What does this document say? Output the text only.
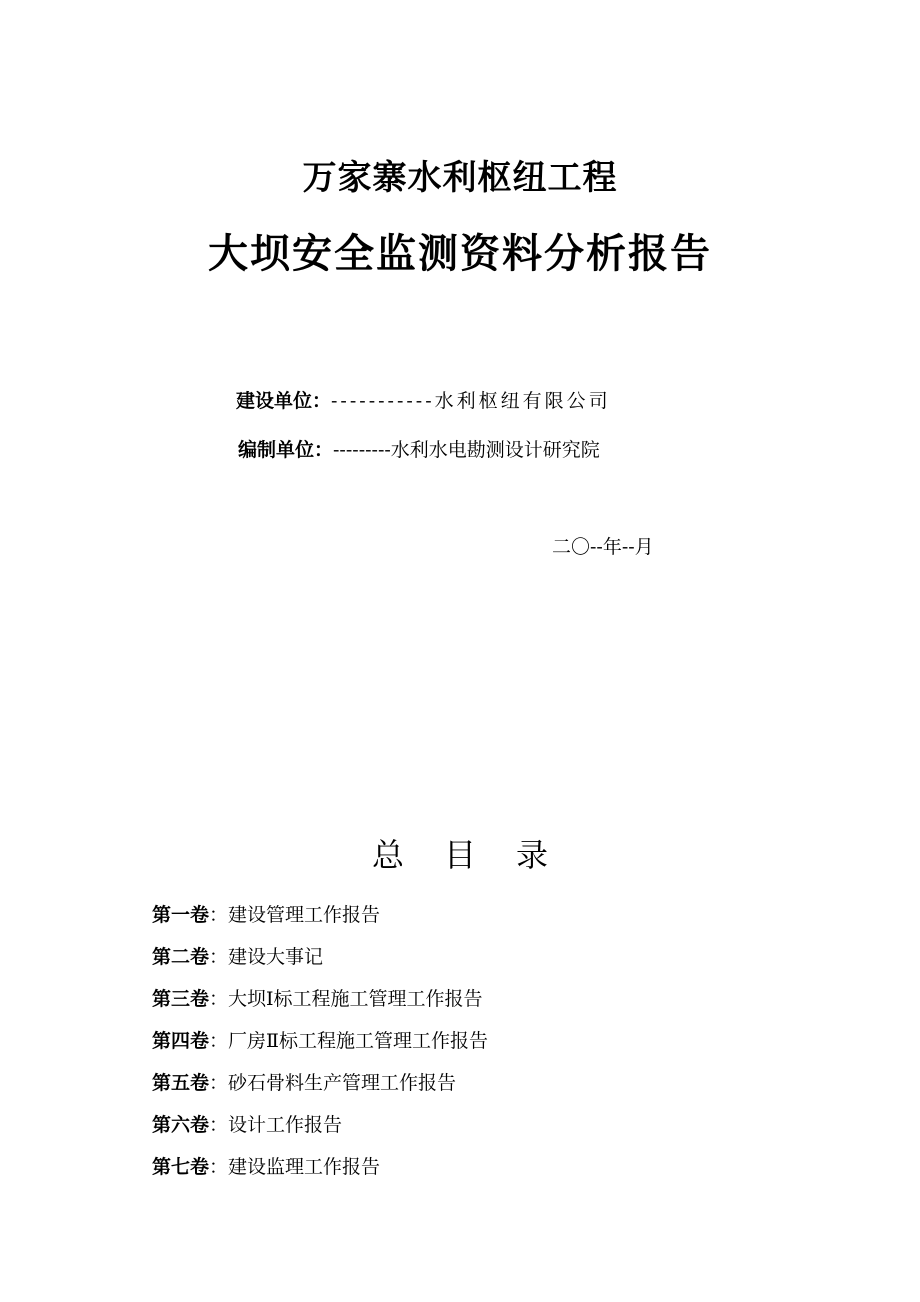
万家寨水利枢纽工程
大坝安全监测资料分析报告
建设单位：-----------水利枢纽有限公司
编制单位：---------水利水电勘测设计研究院
二〇--年--月
总目录
第一卷：建设管理工作报告
第二卷：建设大事记
第三卷：大坝Ⅰ标工程施工管理工作报告
第四卷：厂房Ⅱ标工程施工管理工作报告
第五卷：砂石骨料生产管理工作报告
第六卷：设计工作报告
第七卷：建设监理工作报告
